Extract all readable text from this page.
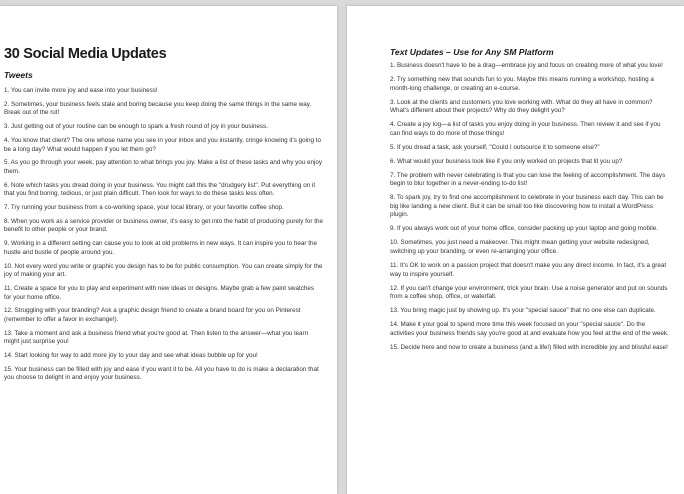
30 Social Media Updates
Tweets
1. You can invite more joy and ease into your business!
2. Sometimes, your business feels stale and boring because you keep doing the same things in the same way. Break out of the rut!
3. Just getting out of your routine can be enough to spark a fresh round of joy in your business.
4. You know that client? The one whose name you see in your inbox and you instantly, cringe knowing it's going to be a long day? What would happen if you let them go?
5. As you go through your week, pay attention to what brings you joy. Make a list of these tasks and why you enjoy them.
6. Note which tasks you dread doing in your business. You might call this the "drudgery list". Put everything on it that you find boring, tedious, or just plain difficult. Then look for ways to do these tasks less often.
7. Try running your business from a co-working space, your local library, or your favorite coffee shop.
8. When you work as a service provider or business owner, it's easy to get into the habit of producing purely for the benefit to other people or your brand.
9. Working in a different setting can cause you to look at old problems in new ways. It can inspire you to hear the hustle and bustle of people around you.
10. Not every word you write or graphic you design has to be for public consumption. You can create simply for the joy of making your art.
11. Create a space for you to play and experiment with new ideas or designs. Maybe grab a few paint swatches for your home office.
12. Struggling with your branding? Ask a graphic design friend to create a brand board for you on Pinterest (remember to offer a favor in exchange!).
13. Take a moment and ask a business friend what you're good at. Then listen to the answer—what you learn might just surprise you!
14. Start looking for way to add more joy to your day and see what ideas bubble up for you!
15. Your business can be filled with joy and ease if you want it to be. All you have to do is make a declaration that you choose to delight in and enjoy your business.
Text Updates – Use for Any SM Platform
1. Business doesn't have to be a drag—embrace joy and focus on creating more of what you love!
2. Try something new that sounds fun to you. Maybe this means running a workshop, hosting a month-long challenge, or creating an e-course.
3. Look at the clients and customers you love working with. What do they all have in common? What's different about their projects? Why do they delight you?
4. Create a joy log—a list of tasks you enjoy doing in your business. Then review it and see if you can find ways to do more of those things!
5. If you dread a task, ask yourself, "Could I outsource it to someone else?"
6. What would your business look like if you only worked on projects that lit you up?
7. The problem with never celebrating is that you can lose the feeling of accomplishment. The days begin to blur together in a never-ending to-do list!
8. To spark joy, try to find one accomplishment to celebrate in your business each day. This can be big like landing a new client. But it can be small too like discovering how to install a WordPress plugin.
9. If you always work out of your home office, consider packing up your laptop and going mobile.
10. Sometimes, you just need a makeover. This might mean getting your website redesigned, switching up your branding, or even re-arranging your office.
11. It's OK to work on a passion project that doesn't make you any direct income. In fact, it's a great way to inspire yourself.
12. If you can't change your environment, trick your brain. Use a noise generator and put on sounds from a coffee shop, office, or waterfall.
13. You bring magic just by showing up. It's your "special sauce" that no one else can duplicate.
14. Make it your goal to spend more time this week focused on your "special sauce". Do the activities your business friends say you're good at and evaluate how you feel at the end of the week.
15. Decide here and now to create a business (and a life!) filled with incredible joy and blissful ease!
